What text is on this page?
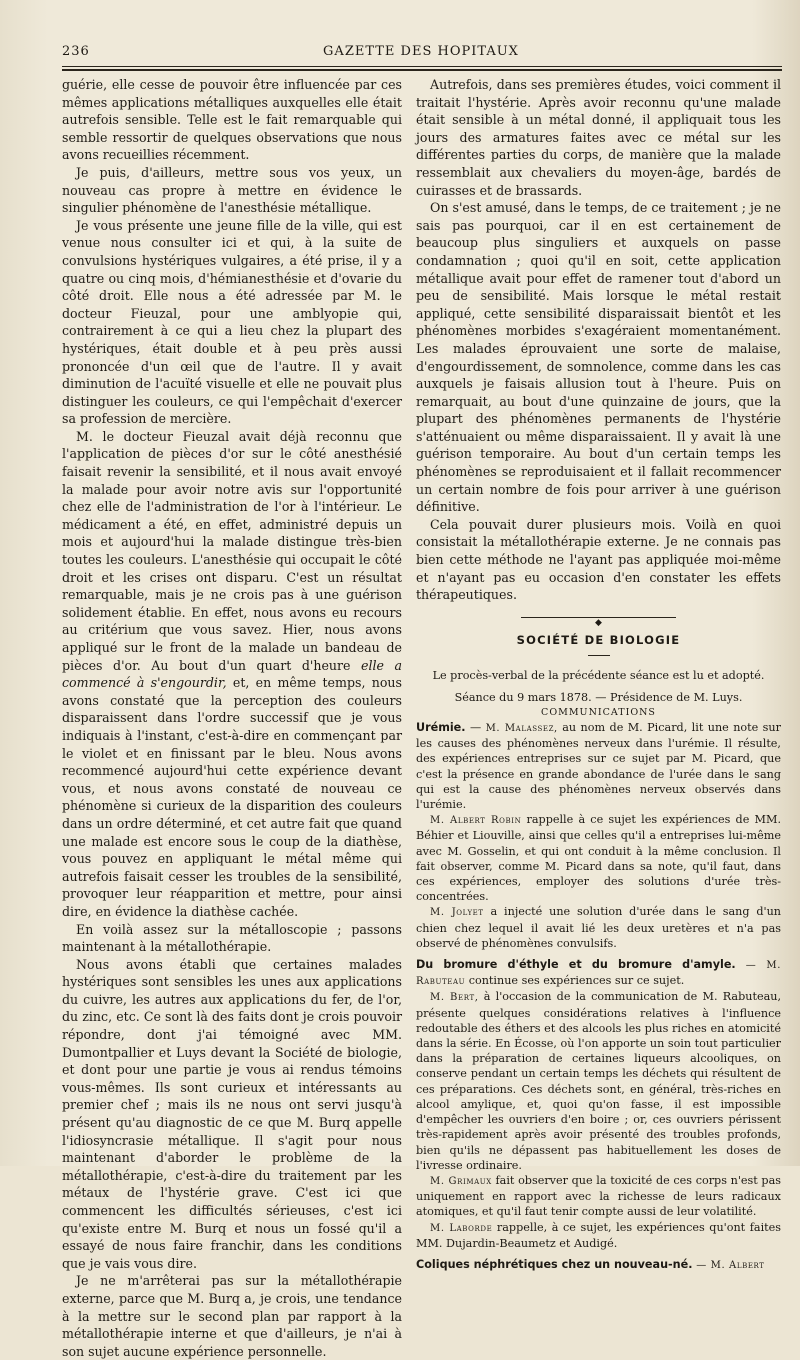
236	GAZETTE DES HOPITAUX

guérie, elle cesse de pouvoir être influencée par ces mêmes applications métalliques auxquelles elle était autrefois sensible. Telle est le fait remarquable qui semble ressortir de quelques observations que nous avons recueillies récemment.

Je puis, d'ailleurs, mettre sous vos yeux, un nouveau cas propre à mettre en évidence le singulier phénomène de l'anesthésie métallique.

Je vous présente une jeune fille de la ville, qui est venue nous consulter ici et qui, à la suite de convulsions hystériques vulgaires, a été prise, il y a quatre ou cinq mois, d'hémianesthésie et d'ovarie du côté droit. Elle nous a été adressée par M. le docteur Fieuzal, pour une amblyopie qui, contrairement à ce qui a lieu chez la plupart des hystériques, était double et à peu près aussi prononcée d'un œil que de l'autre. Il y avait diminution de l'acuïté visuelle et elle ne pouvait plus distinguer les couleurs, ce qui l'empêchait d'exercer sa profession de mercière.

M. le docteur Fieuzal avait déjà reconnu que l'application de pièces d'or sur le côté anesthésié faisait revenir la sensibilité, et il nous avait envoyé la malade pour avoir notre avis sur l'opportunité chez elle de l'administration de l'or à l'intérieur. Le médicament a été, en effet, administré depuis un mois et aujourd'hui la malade distingue très-bien toutes les couleurs. L'anesthésie qui occupait le côté droit et les crises ont disparu. C'est un résultat remarquable, mais je ne crois pas à une guérison solidement établie. En effet, nous avons eu recours au critérium que vous savez. Hier, nous avons appliqué sur le front de la malade un bandeau de pièces d'or. Au bout d'un quart d'heure elle a commencé à s'engourdir, et, en même temps, nous avons constaté que la perception des couleurs disparaissent dans l'ordre successif que je vous indiquais à l'instant, c'est-à-dire en commençant par le violet et en finissant par le bleu. Nous avons recommencé aujourd'hui cette expérience devant vous, et nous avons constaté de nouveau ce phénomène si curieux de la disparition des couleurs dans un ordre déterminé, et cet autre fait que quand une malade est encore sous le coup de la diathèse, vous pouvez en appliquant le métal même qui autrefois faisait cesser les troubles de la sensibilité, provoquer leur réapparition et mettre, pour ainsi dire, en évidence la diathèse cachée.

En voilà assez sur la métalloscopie ; passons maintenant à la métallothérapie.

Nous avons établi que certaines malades hystériques sont sensibles les unes aux applications du cuivre, les autres aux applications du fer, de l'or, du zinc, etc. Ce sont là des faits dont je crois pouvoir répondre, dont j'ai témoigné avec MM. Dumontpallier et Luys devant la Société de biologie, et dont pour une partie je vous ai rendus témoins vous-mêmes. Ils sont curieux et intéressants au premier chef ; mais ils ne nous ont servi jusqu'à présent qu'au diagnostic de ce que M. Burq appelle l'idiosyncrasie métallique. Il s'agit pour nous maintenant d'aborder le problème de la métallothérapie, c'est-à-dire du traitement par les métaux de l'hystérie grave. C'est ici que commencent les difficultés sérieuses, c'est ici qu'existe entre M. Burq et nous un fossé qu'il a essayé de nous faire franchir, dans les conditions que je vais vous dire.

Je ne m'arrêterai pas sur la métallothérapie externe, parce que M. Burq a, je crois, une tendance à la mettre sur le second plan par rapport à la métallothérapie interne et que d'ailleurs, je n'ai à son sujet aucune expérience personnelle.

Autrefois, dans ses premières études, voici comment il traitait l'hystérie. Après avoir reconnu qu'une malade était sensible à un métal donné, il appliquait tous les jours des armatures faites avec ce métal sur les différentes parties du corps, de manière que la malade ressemblait aux chevaliers du moyen-âge, bardés de cuirasses et de brassards.

On s'est amusé, dans le temps, de ce traitement ; je ne sais pas pourquoi, car il en est certainement de beaucoup plus singuliers et auxquels on passe condamnation ; quoi qu'il en soit, cette application métallique avait pour effet de ramener tout d'abord un peu de sensibilité. Mais lorsque le métal restait appliqué, cette sensibilité disparaissait bientôt et les phénomènes morbides s'exagéraient momentanément. Les malades éprouvaient une sorte de malaise, d'engourdissement, de somnolence, comme dans les cas auxquels je faisais allusion tout à l'heure. Puis on remarquait, au bout d'une quinzaine de jours, que la plupart des phénomènes permanents de l'hystérie s'atténuaient ou même disparaissaient. Il y avait là une guérison temporaire. Au bout d'un certain temps les phénomènes se reproduisaient et il fallait recommencer un certain nombre de fois pour arriver à une guérison définitive.

Cela pouvait durer plusieurs mois. Voilà en quoi consistait la métallothérapie externe. Je ne connais pas bien cette méthode ne l'ayant pas appliquée moi-même et n'ayant pas eu occasion d'en constater les effets thérapeutiques.

◆
SOCIÉTÉ DE BIOLOGIE

Le procès-verbal de la précédente séance est lu et adopté.

Séance du 9 mars 1878. — Présidence de M. Luys.

COMMUNICATIONS

Urémie. — M. Malassez, au nom de M. Picard, lit une note sur les causes des phénomènes nerveux dans l'urémie. Il résulte, des expériences entreprises sur ce sujet par M. Picard, que c'est la présence en grande abondance de l'urée dans le sang qui est la cause des phénomènes nerveux observés dans l'urémie.

M. Albert Robin rappelle à ce sujet les expériences de MM. Béhier et Liouville, ainsi que celles qu'il a entreprises lui-même avec M. Gosselin, et qui ont conduit à la même conclusion. Il fait observer, comme M. Picard dans sa note, qu'il faut, dans ces expériences, employer des solutions d'urée très-concentrées.

M. Jolyet a injecté une solution d'urée dans le sang d'un chien chez lequel il avait lié les deux uretères et n'a pas observé de phénomènes convulsifs.

Du bromure d'éthyle et du bromure d'amyle. — M. Rabuteau continue ses expériences sur ce sujet.

M. Bert, à l'occasion de la communication de M. Rabuteau, présente quelques considérations relatives à l'influence redoutable des éthers et des alcools les plus riches en atomicité dans la série. En Écosse, où l'on apporte un soin tout particulier dans la préparation de certaines liqueurs alcooliques, on conserve pendant un certain temps les déchets qui résultent de ces préparations. Ces déchets sont, en général, très-riches en alcool amylique, et, quoi qu'on fasse, il est impossible d'empêcher les ouvriers d'en boire ; or, ces ouvriers périssent très-rapidement après avoir présenté des troubles profonds, bien qu'ils ne dépassent pas habituellement les doses de l'ivresse ordinaire.

M. Grimaux fait observer que la toxicité de ces corps n'est pas uniquement en rapport avec la richesse de leurs radicaux atomiques, et qu'il faut tenir compte aussi de leur volatilité.

M. Laborde rappelle, à ce sujet, les expériences qu'ont faites MM. Dujardin-Beaumetz et Audigé.

Coliques néphrétiques chez un nouveau-né. — M. Albert
